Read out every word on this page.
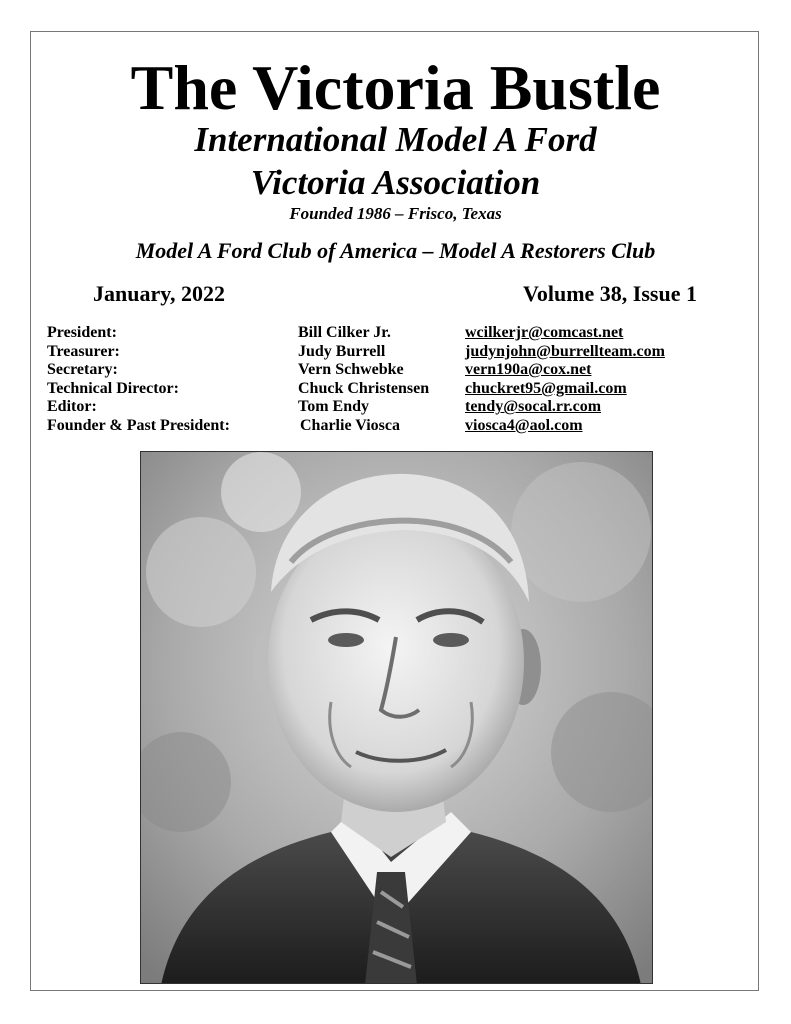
The Victoria Bustle
International Model A Ford
Victoria Association
Founded 1986 – Frisco, Texas
Model A Ford Club of America – Model A Restorers Club
January, 2022	Volume 38, Issue 1
President:	Bill Cilker Jr.	wcilkerjr@comcast.net
Treasurer:	Judy Burrell	judynjohn@burrellteam.com
Secretary:	Vern Schwebke	vern190a@cox.net
Technical Director:	Chuck Christensen chuckret95@gmail.com
Editor:	Tom Endy	tendy@socal.rr.com
Founder & Past President:	Charlie Viosca	viosca4@aol.com
